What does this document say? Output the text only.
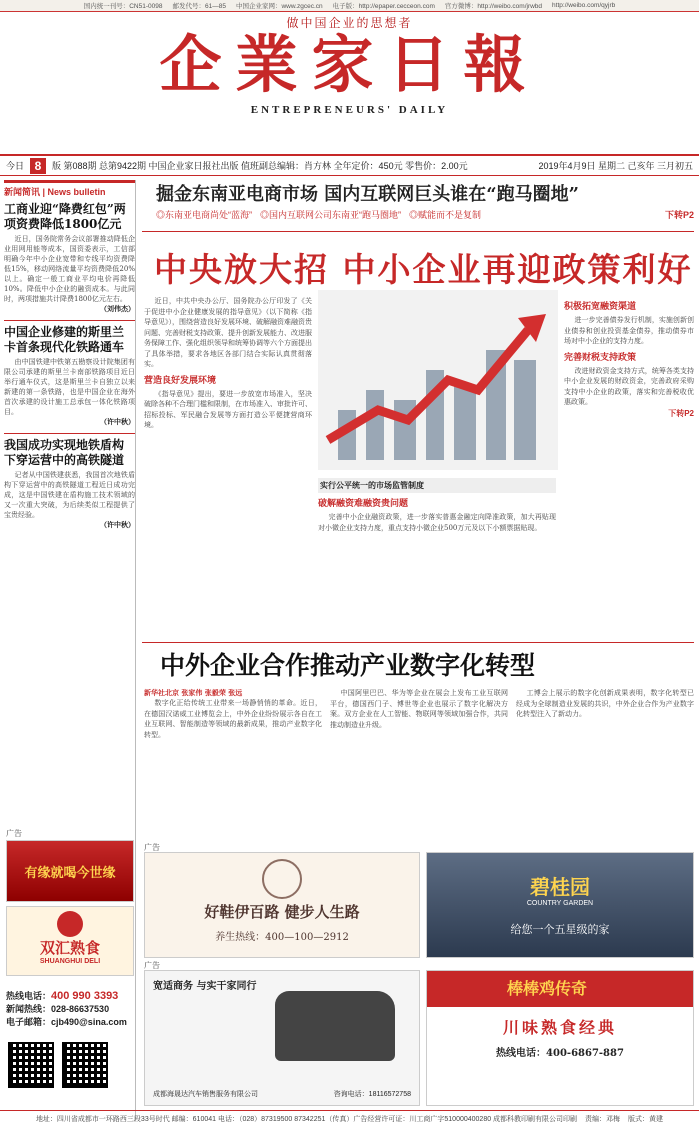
国内统一刊号：CN51-0098 邮发代号：61—85 中国企业家网：www.zgcec.cn 电子版：http://epaper.cecceon.com 官方微博：http://weibo.com/jrwbd http://weibo.com/qyjrb
做中国企业的思想者
企業家日報
ENTREPRENEURS' DAILY
今日 8	版 第088期 总第9422期 中国企业家日报社出版 值班副总编辑：肖方林 全年定价：450元 零售价：2.00元	2019年4月9日 星期二 己亥年 三月初五
新闻简讯 | News bulletin
工商业迎“降费红包”两项资费降低1800亿元
近日，国务院常务会议部署推动降低企业用网用能等成本，国资委表示，工信部明确今年中小企业宽带和专线平均资费降低15%，移动网络流量平均资费降低20%以上。确定一般工商业平均电价再降低10%。降低中小企业的融资成本。与此同时，两项措施共计降费1800亿元左右。
（刘伟杰）
中国企业修建的斯里兰卡首条现代化铁路通车
由中国铁建中铁第五勘察设计院集团有限公司承建的斯里兰卡南部铁路项目近日举行通车仪式，这是斯里兰卡自独立以来新建的第一条铁路，也是中国企业在海外首次承建的设计施工总承包一体化铁路项目。
（许中秋）
我国成功实现地铁盾构下穿运营中的高铁隧道
记者从中国铁建获悉，我国首次地铁盾构下穿运营中的高铁隧道工程近日成功完成，这是中国铁建在盾构施工技术领域的又一次重大突破，为后续类似工程提供了宝贵经验。
（许中秋）
广告
有缘就喝今世缘
双汇熟食
SHUANGHUI DELI
热线电话：400 990 3393
新闻热线：028-86637530
电子邮箱：cjb490@sina.com
掘金东南亚电商市场 国内互联网巨头谁在“跑马圈地”
◎东南亚电商尚处“蓝海” ◎国内互联网公司东南亚“跑马圈地” ◎赋能而不是复制	下转P2
中央放大招 中小企业再迎政策利好
近日，中共中央办公厅、国务院办公厅印发了《关于促进中小企业健康发展的指导意见》（以下简称《指导意见》），围绕营造良好发展环境、破解融资难融资贵问题、完善财税支持政策、提升创新发展能力、改进服务保障工作、强化组织领导和统筹协调等六个方面提出了具体举措，要求各地区各部门结合实际认真贯彻落实。
营造良好发展环境
《指导意见》提出，要进一步放宽市场准入，坚决破除各种不合理门槛和限制，在市场准入、审批许可、招标投标、军民融合发展等方面打造公平便捷营商环境。
实行公平统一的市场监管制度
破解融资难融资贵问题
完善中小企业融资政策，进一步落实普惠金融定向降准政策，加大再贴现对小微企业支持力度，重点支持小微企业500万元及以下小额票据贴现。
积极拓宽融资渠道
进一步完善债券发行机制，实施创新创业债券和创业投资基金债券，推动债券市场对中小企业的支持力度。
完善财税支持政策
改进财政资金支持方式，统筹各类支持中小企业发展的财政资金，完善政府采购支持中小企业的政策，落实和完善税收优惠政策。
下转P2
中外企业合作推动产业数字化转型
新华社北京 张家伟 张毅荣 张远
数字化正给传统工业带来一场静悄悄的革命。近日，在德国汉诺威工业博览会上，中外企业纷纷展示各自在工业互联网、智能制造等领域的最新成果，推动产业数字化转型。
中国阿里巴巴、华为等企业在展会上发布工业互联网平台，德国西门子、博世等企业也展示了数字化解决方案。双方企业在人工智能、物联网等领域加强合作，共同推动制造业升级。
工博会上展示的数字化创新成果表明，数字化转型已经成为全球制造业发展的共识，中外企业合作为产业数字化转型注入了新动力。
广告
好鞋伊百路 健步人生路
养生热线：400—100—2912
碧桂园
COUNTRY GARDEN
给您一个五星级的家
广告
宽适商务 与实干家同行
成都海晟达汽车销售服务有限公司	咨询电话：18116572758
棒棒鸡传奇
川味熟食经典
热线电话：400-6867-887
地址：四川省成都市一环路西三段33号时代 邮编：610041 电话：（028）87319500 87342251（传真）广告经营许可证：川工商广字510000400280 成都科教印刷有限公司印刷 责编：邓梅 版式：黄建
